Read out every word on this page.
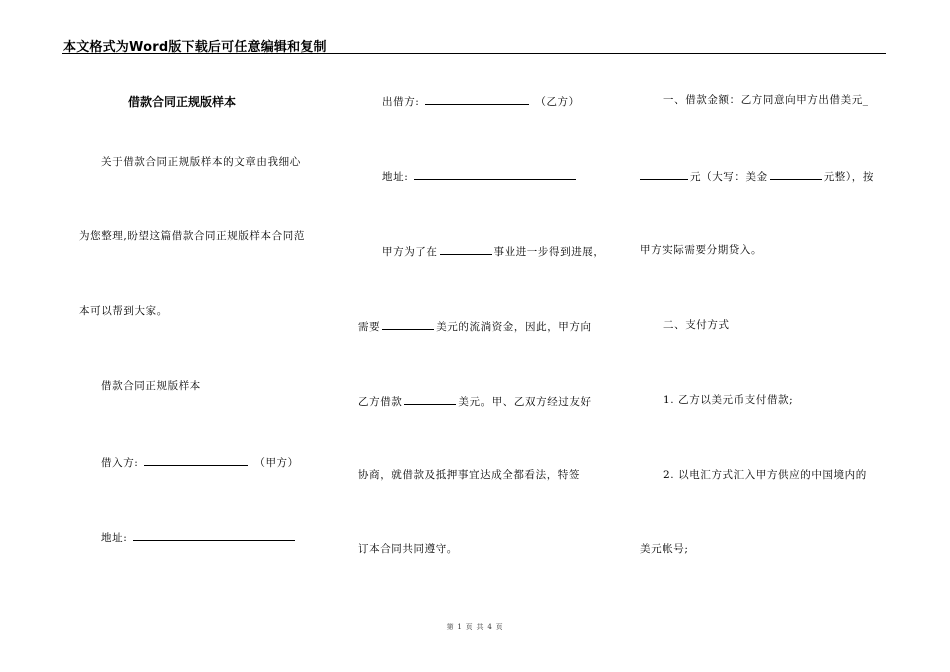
本文格式为Word版下载后可任意编辑和复制
借款合同正规版样本
关于借款合同正规版样本的文章由我细心
为您整理,盼望这篇借款合同正规版样本合同范
本可以帮到大家。
借款合同正规版样本
借入方:	（甲方）
地址:
出借方:	（乙方）
地址:
甲方为了在	事业进一步得到进展，
需要	美元的流淌资金，因此，甲方向
乙方借款	美元。甲、乙双方经过友好
协商，就借款及抵押事宜达成全都看法，特签
订本合同共同遵守。
一、借款金额：乙方同意向甲方出借美元_
元（大写：美金	元整），按
甲方实际需要分期贷入。
二、支付方式
1. 乙方以美元币支付借款;
2. 以电汇方式汇入甲方供应的中国境内的
美元帐号;
第 1 页 共 4 页
